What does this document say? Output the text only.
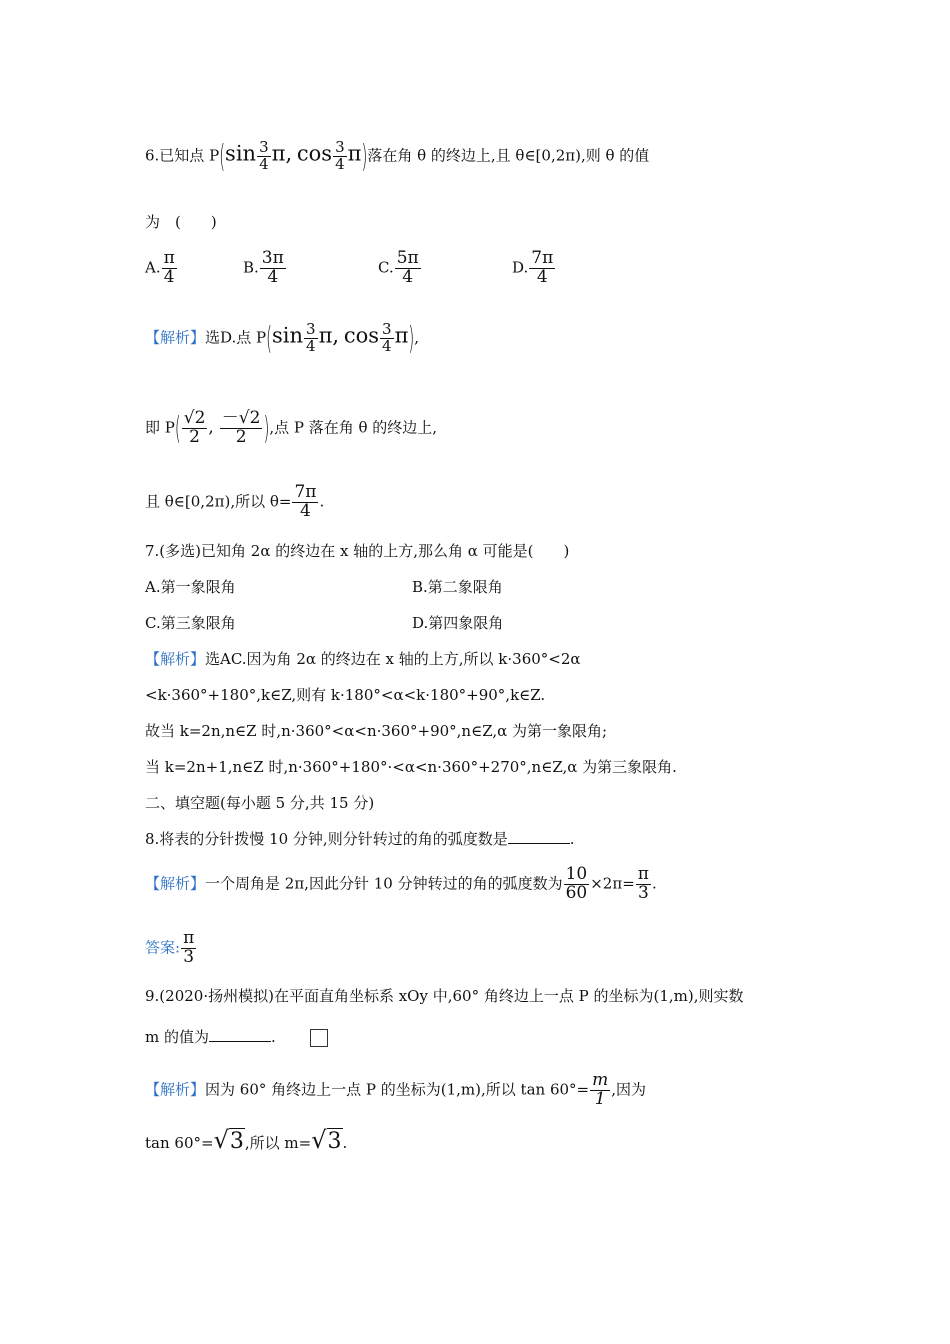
6.已知点 $P(\sin \frac{3}{4} \pi$, $\cos \frac{3}{4} \pi$)落在角 θ 的终边上,且 θ∈[0,2π),则 θ 的值
为　(　　)
A. $\frac{\pi}{4}$	B. $\frac{3\pi}{4}$	C. $\frac{5\pi}{4}$	D. $\frac{7\pi}{4}$
【解析】选D.点 $P(\sin \frac{3}{4} \pi$, $\cos \frac{3}{4} \pi$),
即 $P( \frac{√2}{2}$ , $\frac{-√2}{2}$ ),点 P 落在角 θ 的终边上,
且 θ∈[0,2π),所以 $\theta= \frac{7\pi}{4}$ .
7.(多选)已知角 2α 的终边在 x 轴的上方,那么角 α 可能是(　　)
A.第一象限角	B.第二象限角
C.第三象限角	D.第四象限角
【解析】选AC.因为角 2α 的终边在 x 轴的上方,所以 k·360°<2α
<k·360°+180°,k∈Z,则有 k·180°<α<k·180°+90°,k∈Z.
故当 k=2n,n∈Z 时,n·360°<α<n·360°+90°,n∈Z,α 为第一象限角;
当 k=2n+1,n∈Z 时,n·360°+180°·<α<n·360°+270°,n∈Z,α 为第三象限角.
二、填空题(每小题 5 分,共 15 分)
8.将表的分针拨慢 10 分钟,则分针转过的角的弧度数是	.
【解析】一个周角是 2π,因此分针 10 分钟转过的角的弧度数为 $\frac{10}{60} \times 2\pi= \frac{\pi}{3}$ .
答案: $\frac{\pi}{3}$
9.(2020·扬州模拟)在平面直角坐标系 xOy 中,60° 角终边上一点 P 的坐标为(1,m),则实数
m 的值为	.
【解析】因为 60° 角终边上一点 P 的坐标为(1,m),所以 $\tan 60^\circ= \frac{m}{1}$ ,因为
tan 60°=√3,所以 m=√3.
